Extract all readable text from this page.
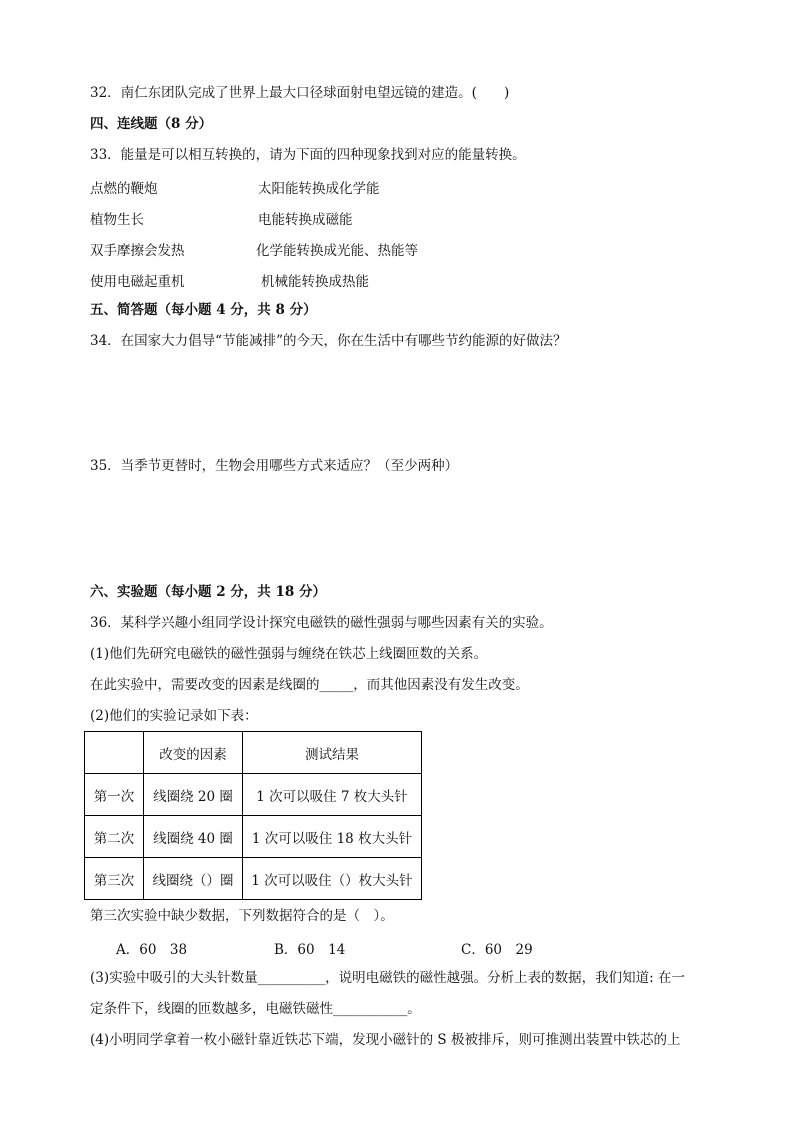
32．南仁东团队完成了世界上最大口径球面射电望远镜的建造。(　　)
四、连线题（8 分）
33．能量是可以相互转换的，请为下面的四种现象找到对应的能量转换。
点燃的鞭炮	太阳能转换成化学能
植物生长	电能转换成磁能
双手摩擦会发热	化学能转换成光能、热能等
使用电磁起重机	机械能转换成热能
五、简答题（每小题 4 分，共 8 分）
34．在国家大力倡导“节能减排”的今天，你在生活中有哪些节约能源的好做法？
35．当季节更替时，生物会用哪些方式来适应？（至少两种）
六、实验题（每小题 2 分，共 18 分）
36．某科学兴趣小组同学设计探究电磁铁的磁性强弱与哪些因素有关的实验。
(1)他们先研究电磁铁的磁性强弱与缠绕在铁芯上线圈匝数的关系。
在此实验中，需要改变的因素是线圈的_____，而其他因素没有发生改变。
(2)他们的实验记录如下表：
	改变的因素	测试结果
第一次	线圈绕 20 圈	1 次可以吸住 7 枚大头针
第二次	线圈绕 40 圈	1 次可以吸住 18 枚大头针
第三次	线圈绕（）圈	1 次可以吸住（）枚大头针
第三次实验中缺少数据，下列数据符合的是（　）。
A．60　38	B．60　14	C．60　29
(3)实验中吸引的大头针数量__________，说明电磁铁的磁性越强。分析上表的数据，我们知道: 在一
定条件下，线圈的匝数越多，电磁铁磁性___________。
(4)小明同学拿着一枚小磁针靠近铁芯下端，发现小磁针的 S 极被排斥，则可推测出装置中铁芯的上
